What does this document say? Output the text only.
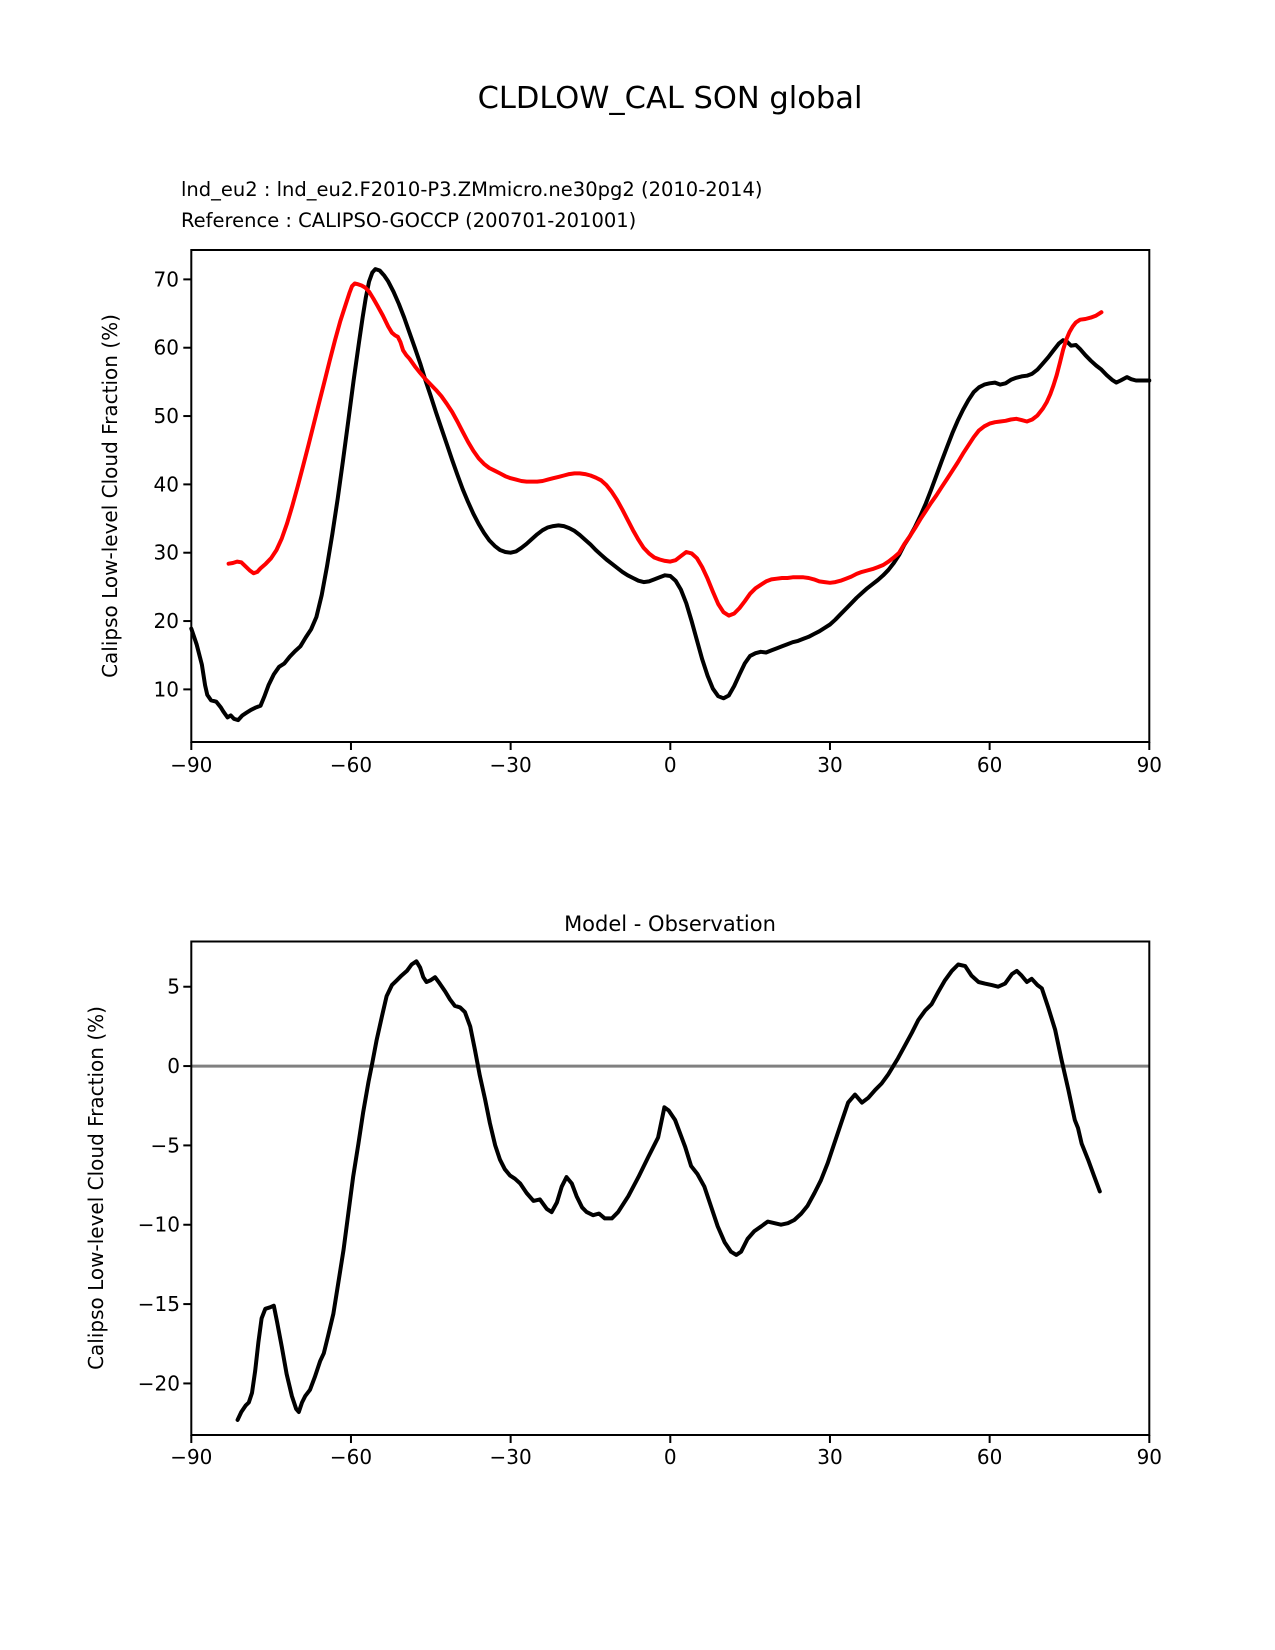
CLDLOW_CAL SON global
lnd_eu2 : lnd_eu2.F2010-P3.ZMmicro.ne30pg2 (2010-2014)
Reference : CALIPSO-GOCCP (200701-201001)
−90	−60	−30	0	30	60	90
10
20
30
40
50
60
70
Calipso Low-level Cloud Fraction (%)
Model - Observation
−90	−60	−30	0	30	60	90
5
0
−5
−10
−15
−20
Calipso Low-level Cloud Fraction (%)
